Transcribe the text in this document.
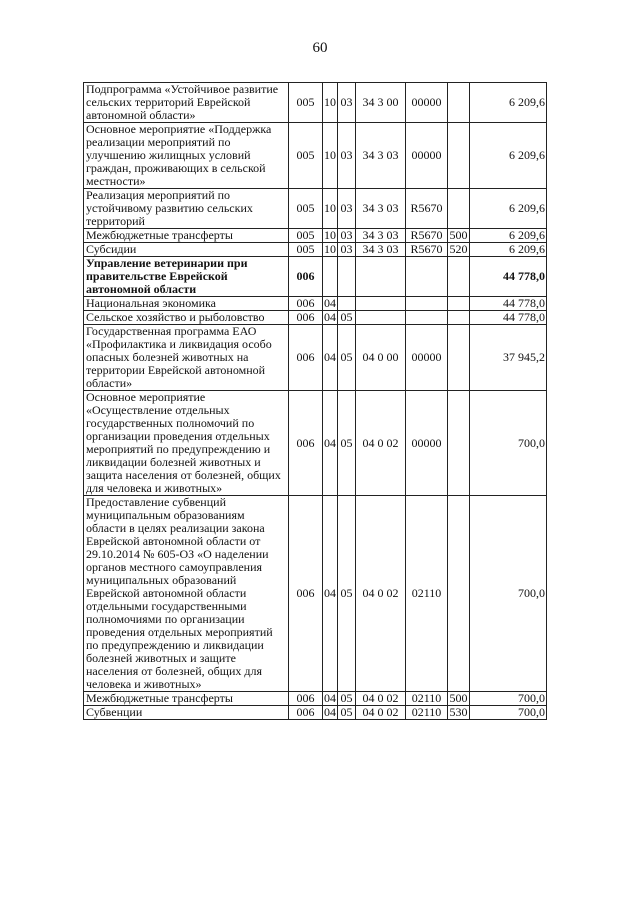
60
Подпрограмма «Устойчивое развитие сельских территорий Еврейской автономной области»	005	10	03	34 3 00	00000		6 209,6
Основное мероприятие «Поддержка реализации мероприятий по улучшению жилищных условий граждан, проживающих в сельской местности»	005	10	03	34 3 03	00000		6 209,6
Реализация мероприятий по устойчивому развитию сельских территорий	005	10	03	34 3 03	R5670		6 209,6
Межбюджетные трансферты	005	10	03	34 3 03	R5670	500	6 209,6
Субсидии	005	10	03	34 3 03	R5670	520	6 209,6
Управление ветеринарии при правительстве Еврейской автономной области	006						44 778,0
Национальная экономика	006	04					44 778,0
Сельское хозяйство и рыболовство	006	04	05				44 778,0
Государственная программа ЕАО «Профилактика и ликвидация особо опасных болезней животных на территории Еврейской автономной области»	006	04	05	04 0 00	00000		37 945,2
Основное мероприятие «Осуществление отдельных государственных полномочий по организации проведения отдельных мероприятий по предупреждению и ликвидации болезней животных и защита населения от болезней, общих для человека и животных»	006	04	05	04 0 02	00000		700,0
Предоставление субвенций муниципальным образованиям области в целях реализации закона Еврейской автономной области от 29.10.2014 № 605-ОЗ «О наделении органов местного самоуправления муниципальных образований Еврейской автономной области отдельными государственными полномочиями по организации проведения отдельных мероприятий по предупреждению и ликвидации болезней животных и защите населения от болезней, общих для человека и животных»	006	04	05	04 0 02	02110		700,0
Межбюджетные трансферты	006	04	05	04 0 02	02110	500	700,0
Субвенции	006	04	05	04 0 02	02110	530	700,0
